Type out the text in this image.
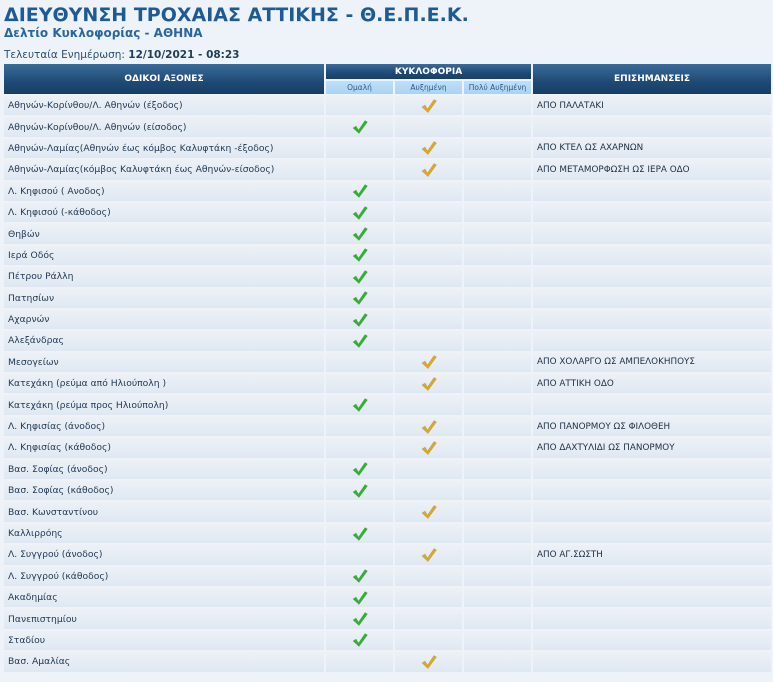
ΔΙΕΥΘΥΝΣΗ ΤΡΟΧΑΙΑΣ ΑΤΤΙΚΗΣ - Θ.Ε.Π.Ε.Κ.
Δελτίο Κυκλοφορίας - ΑΘΗΝΑ
Τελευταία Ενημέρωση: 12/10/2021 - 08:23
ΟΔΙΚΟΙ ΑΞΟΝΕΣ	ΚΥΚΛΟΦΟΡΙΑ			ΕΠΙΣΗΜΑΝΣΕΙΣ
	Ομαλή	Αυξημένη	Πολύ Αυξημένη	
Αθηνών-Κορίνθου/Λ. Αθηνών (έξοδος)				ΑΠΟ ΠΑΛΑΤΑΚΙ
Αθηνών-Κορίνθου/Λ. Αθηνών (είσοδος)				
Αθηνών-Λαμίας(Αθηνών έως κόμβος Καλυφτάκη -έξοδος)				ΑΠΟ ΚΤΕΛ ΩΣ ΑΧΑΡΝΩΝ
Αθηνών-Λαμίας(κόμβος Καλυφτάκη έως Αθηνών-είσοδος)				ΑΠΟ ΜΕΤΑΜΟΡΦΩΣΗ ΩΣ ΙΕΡΑ ΟΔΟ
Λ. Κηφισού ( Ανοδος)				
Λ. Κηφισού (-κάθοδος)				
Θηβών				
Ιερά Οδός				
Πέτρου Ράλλη				
Πατησίων				
Αχαρνών				
Αλεξάνδρας				
Μεσογείων				ΑΠΟ ΧΟΛΑΡΓΟ ΩΣ ΑΜΠΕΛΟΚΗΠΟΥΣ
Κατεχάκη (ρεύμα από Ηλιούπολη )				ΑΠΟ ΑΤΤΙΚΗ ΟΔΟ
Κατεχάκη (ρεύμα προς Ηλιούπολη)				
Λ. Κηφισίας (άνοδος)				ΑΠΟ ΠΑΝΟΡΜΟΥ ΩΣ ΦΙΛΟΘΕΗ
Λ. Κηφισίας (κάθοδος)				ΑΠΟ ΔΑΧΤΥΛΙΔΙ ΩΣ ΠΑΝΟΡΜΟΥ
Βασ. Σοφίας (άνοδος)				
Βασ. Σοφίας (κάθοδος)				
Βασ. Κωνσταντίνου				
Καλλιρρόης				
Λ. Συγγρού (άνοδος)				ΑΠΟ ΑΓ.ΣΩΣΤΗ
Λ. Συγγρού (κάθοδος)				
Ακαδημίας				
Πανεπιστημίου				
Σταδίου				
Βασ. Αμαλίας				
